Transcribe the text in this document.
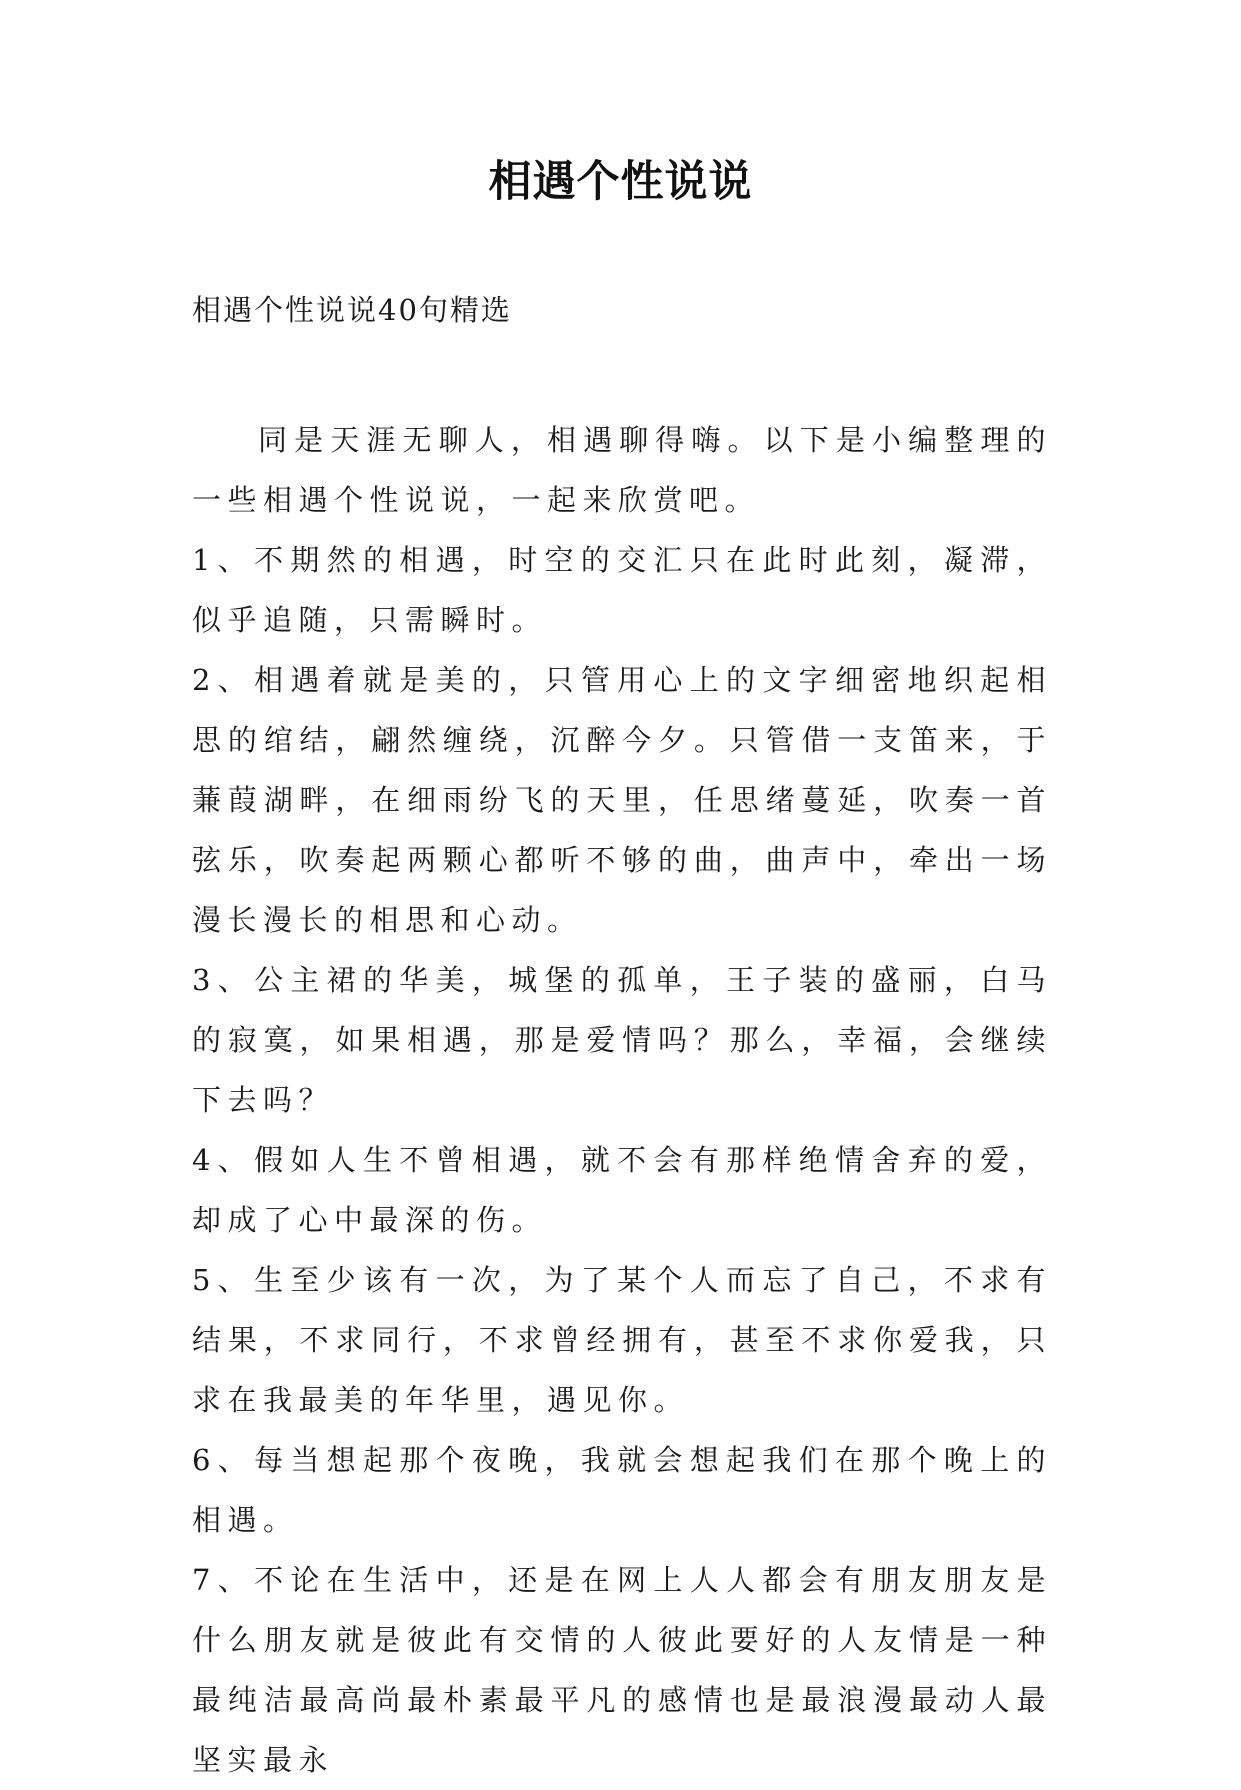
相遇个性说说
相遇个性说说40句精选

同是天涯无聊人，相遇聊得嗨。以下是小编整理的一些相遇个性说说，一起来欣赏吧。

1、不期然的相遇，时空的交汇只在此时此刻，凝滞，似乎追随，只需瞬时。

2、相遇着就是美的，只管用心上的文字细密地织起相思的绾结，翩然缠绕，沉醉今夕。只管借一支笛来，于蒹葭湖畔，在细雨纷飞的天里，任思绪蔓延，吹奏一首弦乐，吹奏起两颗心都听不够的曲，曲声中，牵出一场漫长漫长的相思和心动。

3、公主裙的华美，城堡的孤单，王子装的盛丽，白马的寂寞，如果相遇，那是爱情吗？那么，幸福，会继续下去吗？

4、假如人生不曾相遇，就不会有那样绝情舍弃的爱，却成了心中最深的伤。

5、生至少该有一次，为了某个人而忘了自己，不求有结果，不求同行，不求曾经拥有，甚至不求你爱我，只求在我最美的年华里，遇见你。

6、每当想起那个夜晚，我就会想起我们在那个晚上的相遇。

7、不论在生活中，还是在网上人人都会有朋友朋友是什么朋友就是彼此有交情的人彼此要好的人友情是一种最纯洁最高尚最朴素最平凡的感情也是最浪漫最动人最坚实最永
